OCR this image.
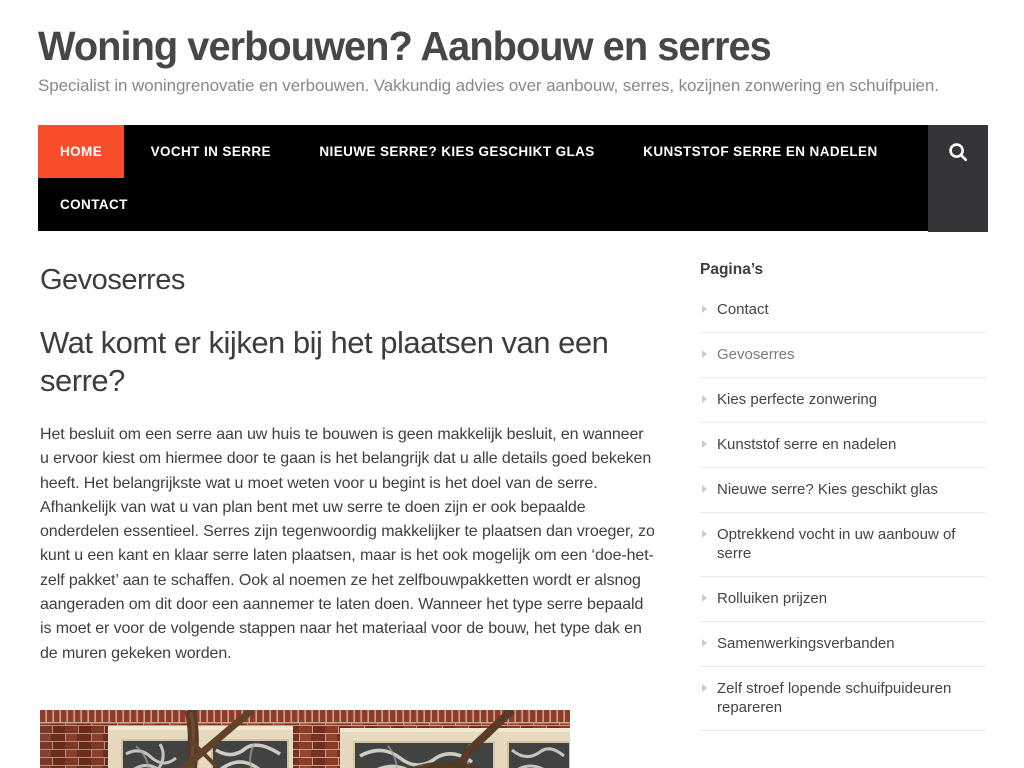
Woning verbouwen? Aanbouw en serres

Specialist in woningrenovatie en verbouwen. Vakkundig advies over aanbouw, serres, kozijnen zonwering en schuifpuien.

HOME	VOCHT IN SERRE	NIEUWE SERRE? KIES GESCHIKT GLAS	KUNSTSTOF SERRE EN NADELEN
CONTACT
Gevoserres
Wat komt er kijken bij het plaatsen van een serre?

Het besluit om een serre aan uw huis te bouwen is geen makkelijk besluit, en wanneer u ervoor kiest om hiermee door te gaan is het belangrijk dat u alle details goed bekeken heeft. Het belangrijkste wat u moet weten voor u begint is het doel van de serre. Afhankelijk van wat u van plan bent met uw serre te doen zijn er ook bepaalde onderdelen essentieel. Serres zijn tegenwoordig makkelijker te plaatsen dan vroeger, zo kunt u een kant en klaar serre laten plaatsen, maar is het ook mogelijk om een ‘doe-het-zelf pakket’ aan te schaffen. Ook al noemen ze het zelfbouwpakketten wordt er alsnog aangeraden om dit door een aannemer te laten doen. Wanneer het type serre bepaald is moet er voor de volgende stappen naar het materiaal voor de bouw, het type dak en de muren gekeken worden.

Pagina’s
Contact
Gevoserres
Kies perfecte zonwering
Kunststof serre en nadelen
Nieuwe serre? Kies geschikt glas
Optrekkend vocht in uw aanbouw of serre
Rolluiken prijzen
Samenwerkingsverbanden
Zelf stroef lopende schuifpuideuren repareren
